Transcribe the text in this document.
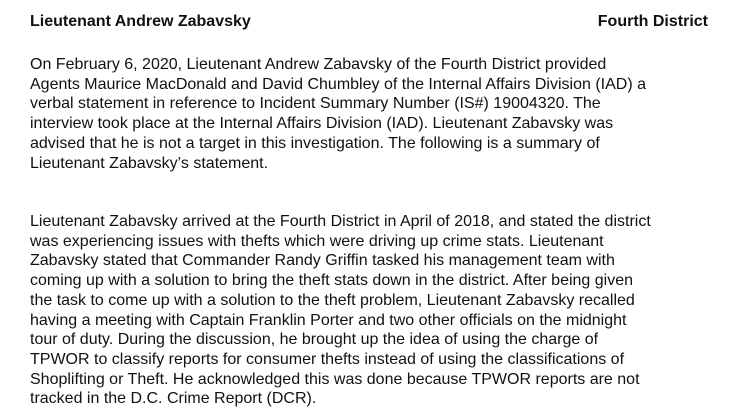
Lieutenant Andrew Zabavsky	Fourth District
On February 6, 2020, Lieutenant Andrew Zabavsky of the Fourth District provided
Agents Maurice MacDonald and David Chumbley of the Internal Affairs Division (IAD) a
verbal statement in reference to Incident Summary Number (IS#) 19004320. The
interview took place at the Internal Affairs Division (IAD). Lieutenant Zabavsky was
advised that he is not a target in this investigation. The following is a summary of
Lieutenant Zabavsky’s statement.
Lieutenant Zabavsky arrived at the Fourth District in April of 2018, and stated the district
was experiencing issues with thefts which were driving up crime stats. Lieutenant
Zabavsky stated that Commander Randy Griffin tasked his management team with
coming up with a solution to bring the theft stats down in the district. After being given
the task to come up with a solution to the theft problem, Lieutenant Zabavsky recalled
having a meeting with Captain Franklin Porter and two other officials on the midnight
tour of duty. During the discussion, he brought up the idea of using the charge of
TPWOR to classify reports for consumer thefts instead of using the classifications of
Shoplifting or Theft. He acknowledged this was done because TPWOR reports are not
tracked in the D.C. Crime Report (DCR).
